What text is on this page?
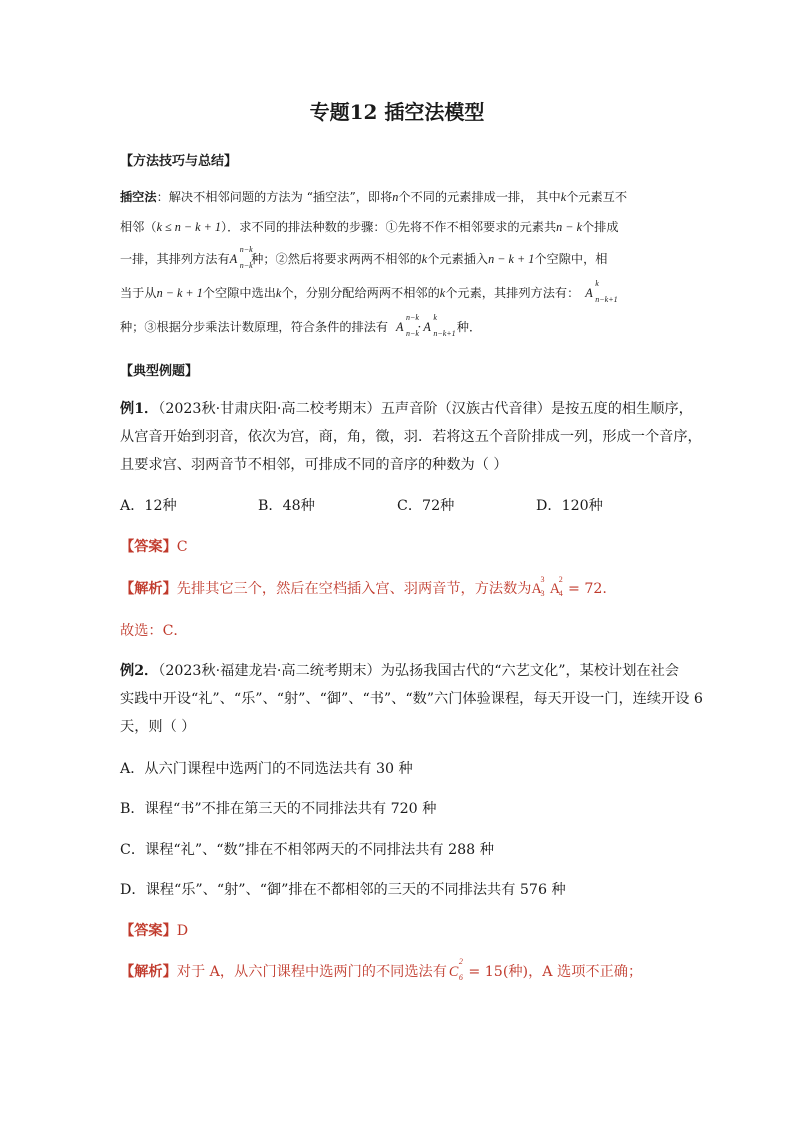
专题12 插空法模型
【方法技巧与总结】
插空法：解决不相邻问题的方法为 “插空法”，即将n个不同的元素排成一排， 其中k个元素互不
相邻（k ≤ n − k + 1）．求不同的排法种数的步骤：①先将不作不相邻要求的元素共n − k个排成
一排，其排列方法有A
n−k
n−k
种；②然后将要求两两不相邻的k个元素插入n − k + 1个空隙中，相
当于从n − k + 1个空隙中选出k个，分别分配给两两不相邻的k个元素，其排列方法有： A
k
n−k+1
种；③根据分步乘法计数原理，符合条件的排法有 A
n−k
n−k
· A
k
n−k+1 种．
【典型例题】
例1．（2023秋·甘肃庆阳·高二校考期末）五声音阶（汉族古代音律）是按五度的相生顺序，
从宫音开始到羽音，依次为宫，商，角，徵，羽．若将这五个音阶排成一列，形成一个音序，
且要求宫、羽两音节不相邻，可排成不同的音序的种数为（ ）
A．12种	B．48种	C．72种	D．120种
【答案】C
【解析】先排其它三个，然后在空档插入宫、羽两音节，方法数为A
3
3 A
2
4 = 72.
故选：C．
例2．（2023秋·福建龙岩·高二统考期末）为弘扬我国古代的“六艺文化”，某校计划在社会
实践中开设“礼”、“乐”、“射”、“御”、“书”、“数”六门体验课程，每天开设一门，连续开设 6
天，则（ ）
A．从六门课程中选两门的不同选法共有 30 种
B．课程“书”不排在第三天的不同排法共有 720 种
C．课程“礼”、“数”排在不相邻两天的不同排法共有 288 种
D．课程“乐”、“射”、“御”排在不都相邻的三天的不同排法共有 576 种
【答案】D
【解析】对于 A，从六门课程中选两门的不同选法有 C
2
6 = 15(种)，A 选项不正确；
